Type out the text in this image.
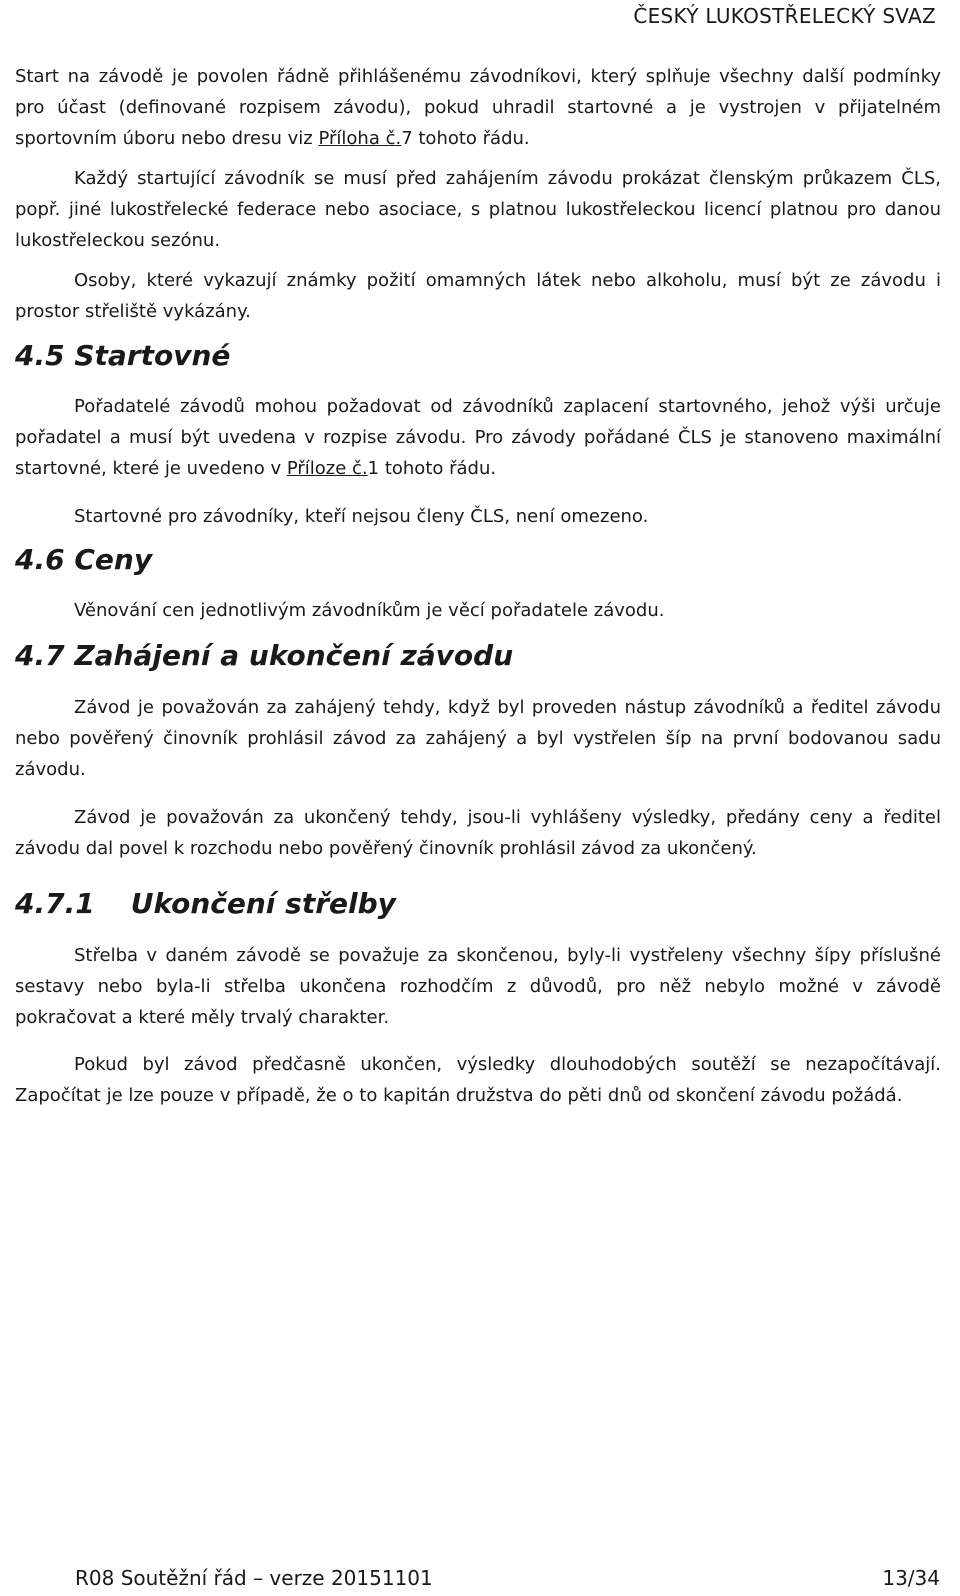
ČESKÝ LUKOSTŘELECKÝ SVAZ

Start na závodě je povolen řádně přihlášenému závodníkovi, který splňuje všechny další podmínky pro účast (definované rozpisem závodu), pokud uhradil startovné a je vystrojen v přijatelném sportovním úboru nebo dresu viz Příloha č.7 tohoto řádu.

Každý startující závodník se musí před zahájením závodu prokázat členským průkazem ČLS, popř. jiné lukostřelecké federace nebo asociace, s platnou lukostřeleckou licencí platnou pro danou lukostřeleckou sezónu.

Osoby, které vykazují známky požití omamných látek nebo alkoholu, musí být ze závodu i prostor střeliště vykázány.

4.5 Startovné

Pořadatelé závodů mohou požadovat od závodníků zaplacení startovného, jehož výši určuje pořadatel a musí být uvedena v rozpise závodu. Pro závody pořádané ČLS je stanoveno maximální startovné, které je uvedeno v Příloze č.1 tohoto řádu.

Startovné pro závodníky, kteří nejsou členy ČLS, není omezeno.

4.6 Ceny

Věnování cen jednotlivým závodníkům je věcí pořadatele závodu.

4.7 Zahájení a ukončení závodu

Závod je považován za zahájený tehdy, když byl proveden nástup závodníků a ředitel závodu nebo pověřený činovník prohlásil závod za zahájený a byl vystřelen šíp na první bodovanou sadu závodu.

Závod je považován za ukončený tehdy, jsou-li vyhlášeny výsledky, předány ceny a ředitel závodu dal povel k rozchodu nebo pověřený činovník prohlásil závod za ukončený.

4.7.1 Ukončení střelby

Střelba v daném závodě se považuje za skončenou, byly-li vystřeleny všechny šípy příslušné sestavy nebo byla-li střelba ukončena rozhodčím z důvodů, pro něž nebylo možné v závodě pokračovat a které měly trvalý charakter.

Pokud byl závod předčasně ukončen, výsledky dlouhodobých soutěží se nezapočítávají. Započítat je lze pouze v případě, že o to kapitán družstva do pěti dnů od skončení závodu požádá.

R08 Soutěžní řád – verze 20151101	13/34
